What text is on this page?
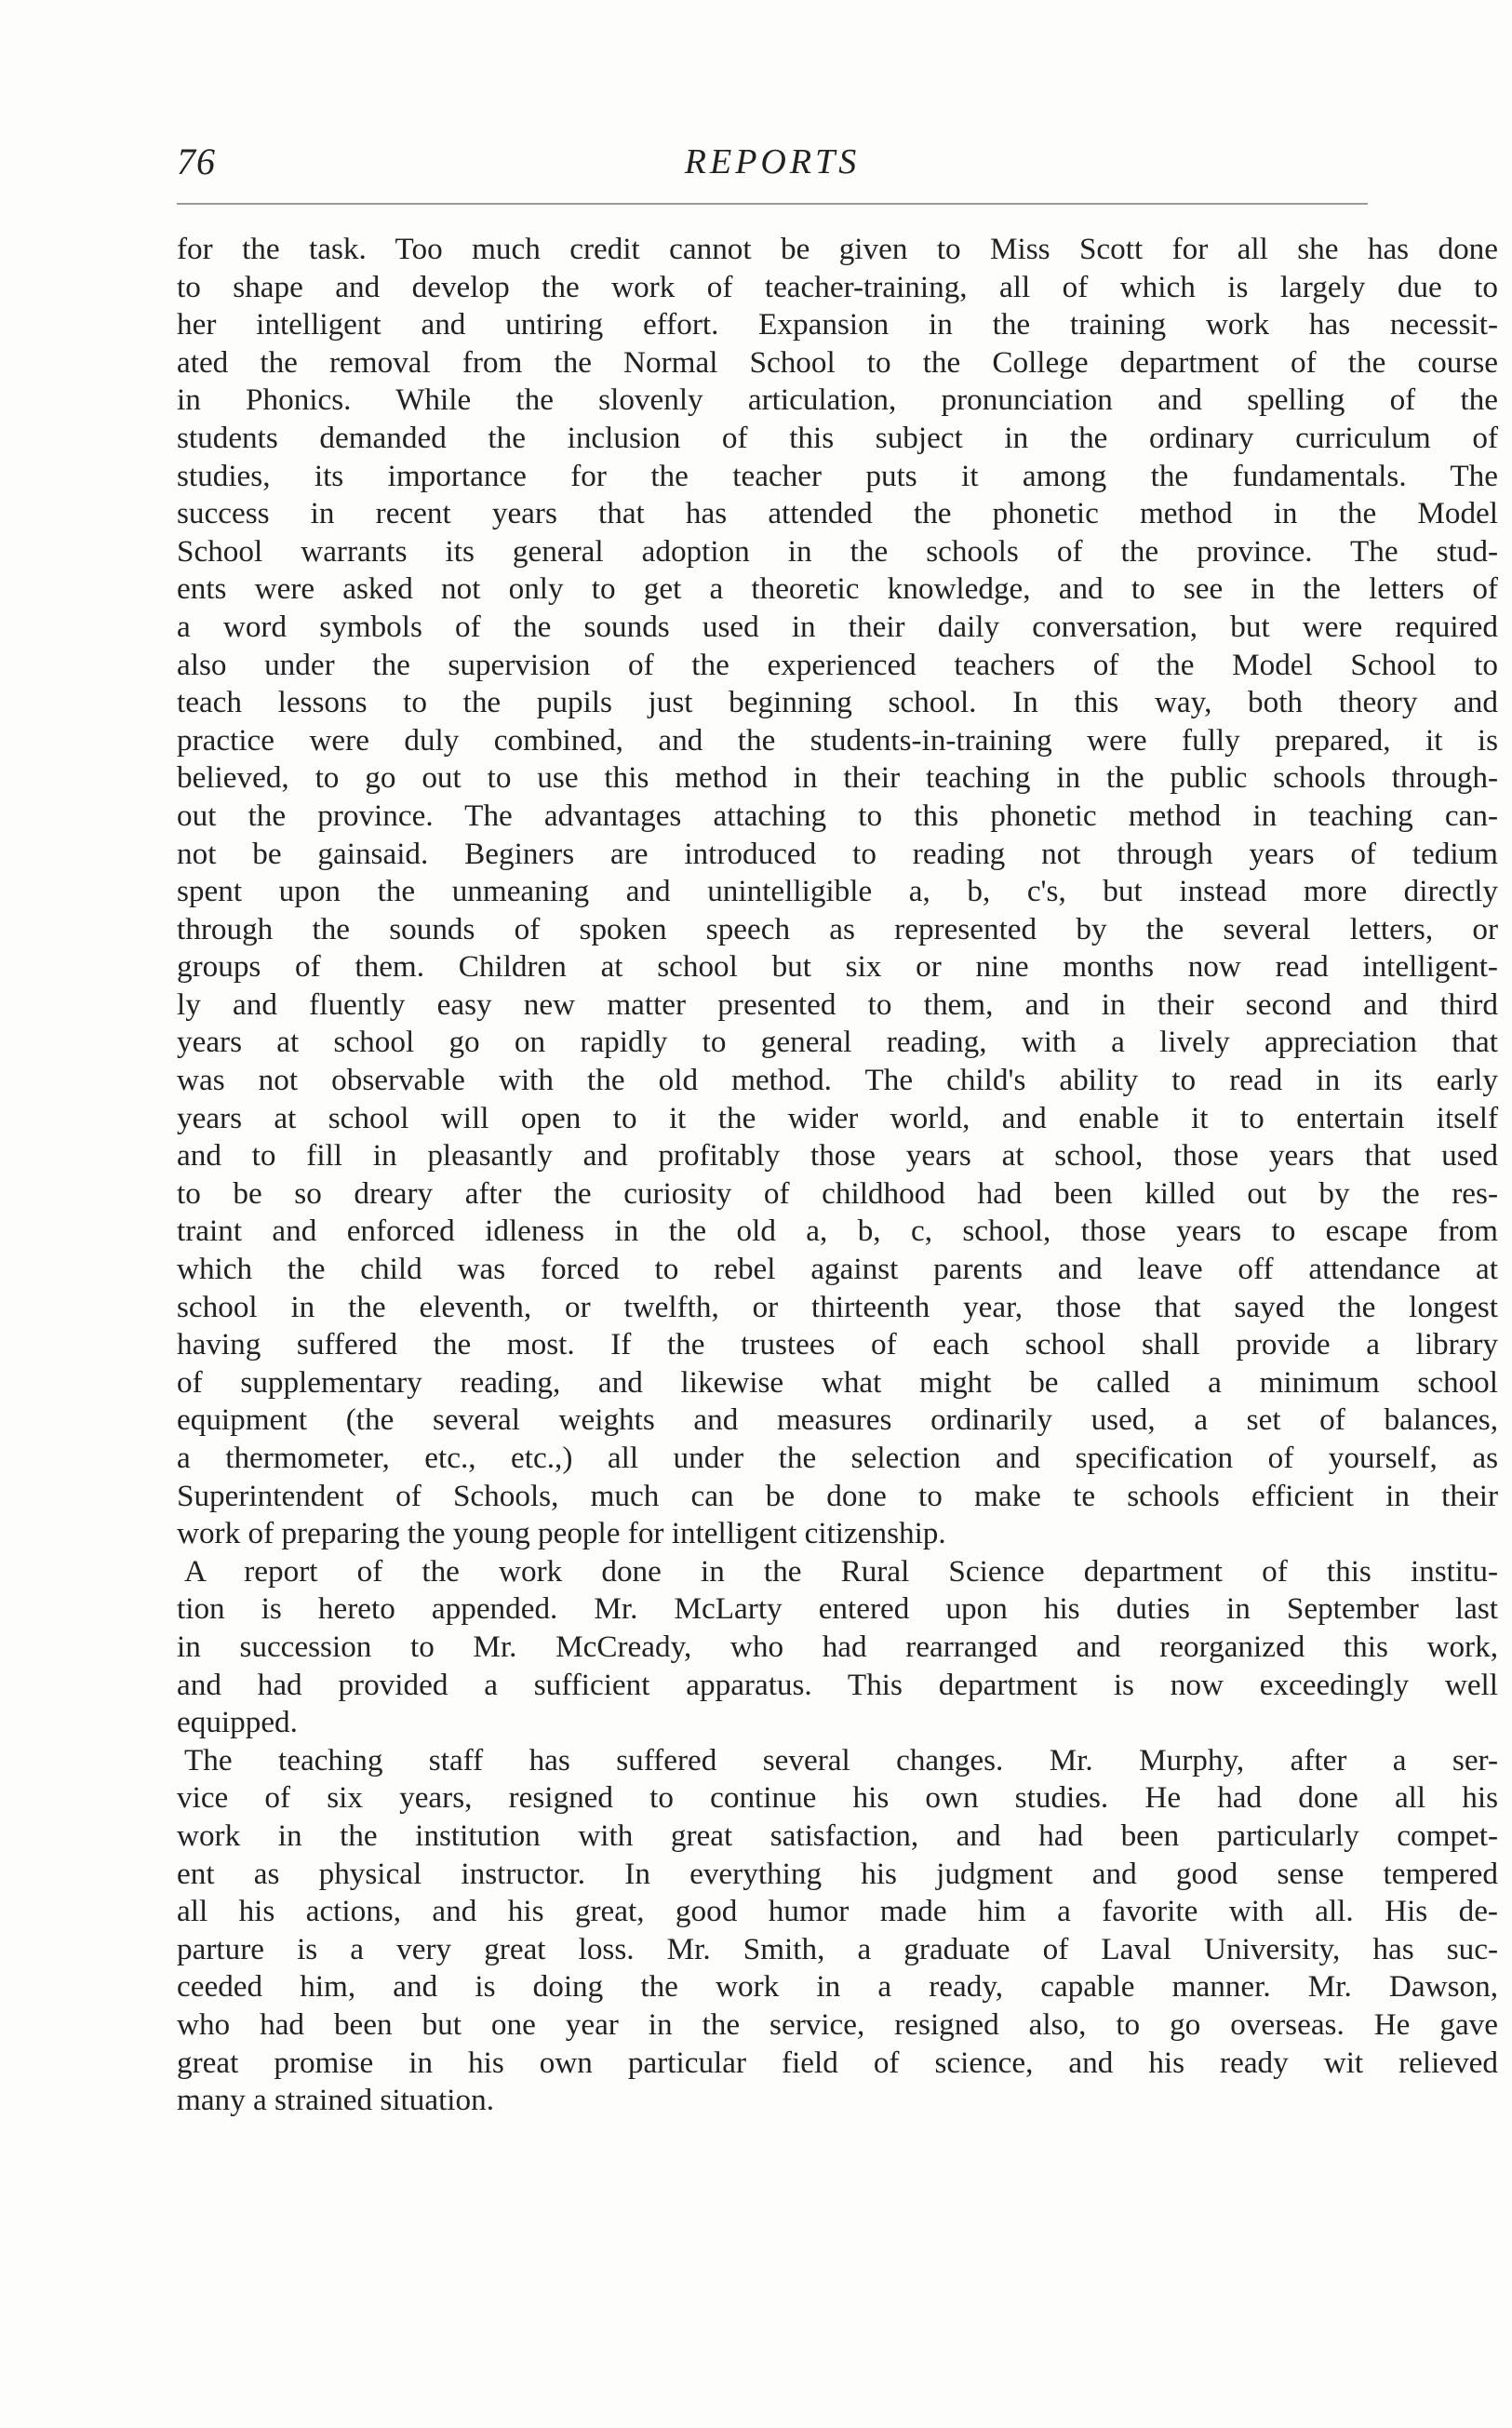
76	REPORTS
for the task. Too much credit cannot be given to Miss Scott for all she has done
to shape and develop the work of teacher-training, all of which is largely due to
her intelligent and untiring effort. Expansion in the training work has necessit-
ated the removal from the Normal School to the College department of the course
in Phonics. While the slovenly articulation, pronunciation and spelling of the
students demanded the inclusion of this subject in the ordinary curriculum of
studies, its importance for the teacher puts it among the fundamentals. The
success in recent years that has attended the phonetic method in the Model
School warrants its general adoption in the schools of the province. The stud-
ents were asked not only to get a theoretic knowledge, and to see in the letters of
a word symbols of the sounds used in their daily conversation, but were required
also under the supervision of the experienced teachers of the Model School to
teach lessons to the pupils just beginning school. In this way, both theory and
practice were duly combined, and the students-in-training were fully prepared, it is
believed, to go out to use this method in their teaching in the public schools through-
out the province. The advantages attaching to this phonetic method in teaching can-
not be gainsaid. Beginers are introduced to reading not through years of tedium
spent upon the unmeaning and unintelligible a, b, c's, but instead more directly
through the sounds of spoken speech as represented by the several letters, or
groups of them. Children at school but six or nine months now read intelligent-
ly and fluently easy new matter presented to them, and in their second and third
years at school go on rapidly to general reading, with a lively appreciation that
was not observable with the old method. The child's ability to read in its early
years at school will open to it the wider world, and enable it to entertain itself
and to fill in pleasantly and profitably those years at school, those years that used
to be so dreary after the curiosity of childhood had been killed out by the res-
traint and enforced idleness in the old a, b, c, school, those years to escape from
which the child was forced to rebel against parents and leave off attendance at
school in the eleventh, or twelfth, or thirteenth year, those that sayed the longest
having suffered the most. If the trustees of each school shall provide a library
of supplementary reading, and likewise what might be called a minimum school
equipment (the several weights and measures ordinarily used, a set of balances,
a thermometer, etc., etc.,) all under the selection and specification of yourself, as
Superintendent of Schools, much can be done to make te schools efficient in their
work of preparing the young people for intelligent citizenship.
A report of the work done in the Rural Science department of this institu-
tion is hereto appended. Mr. McLarty entered upon his duties in September last
in succession to Mr. McCready, who had rearranged and reorganized this work,
and had provided a sufficient apparatus. This department is now exceedingly well
equipped.
The teaching staff has suffered several changes. Mr. Murphy, after a ser-
vice of six years, resigned to continue his own studies. He had done all his
work in the institution with great satisfaction, and had been particularly compet-
ent as physical instructor. In everything his judgment and good sense tempered
all his actions, and his great, good humor made him a favorite with all. His de-
parture is a very great loss. Mr. Smith, a graduate of Laval University, has suc-
ceeded him, and is doing the work in a ready, capable manner. Mr. Dawson,
who had been but one year in the service, resigned also, to go overseas. He gave
great promise in his own particular field of science, and his ready wit relieved
many a strained situation.
